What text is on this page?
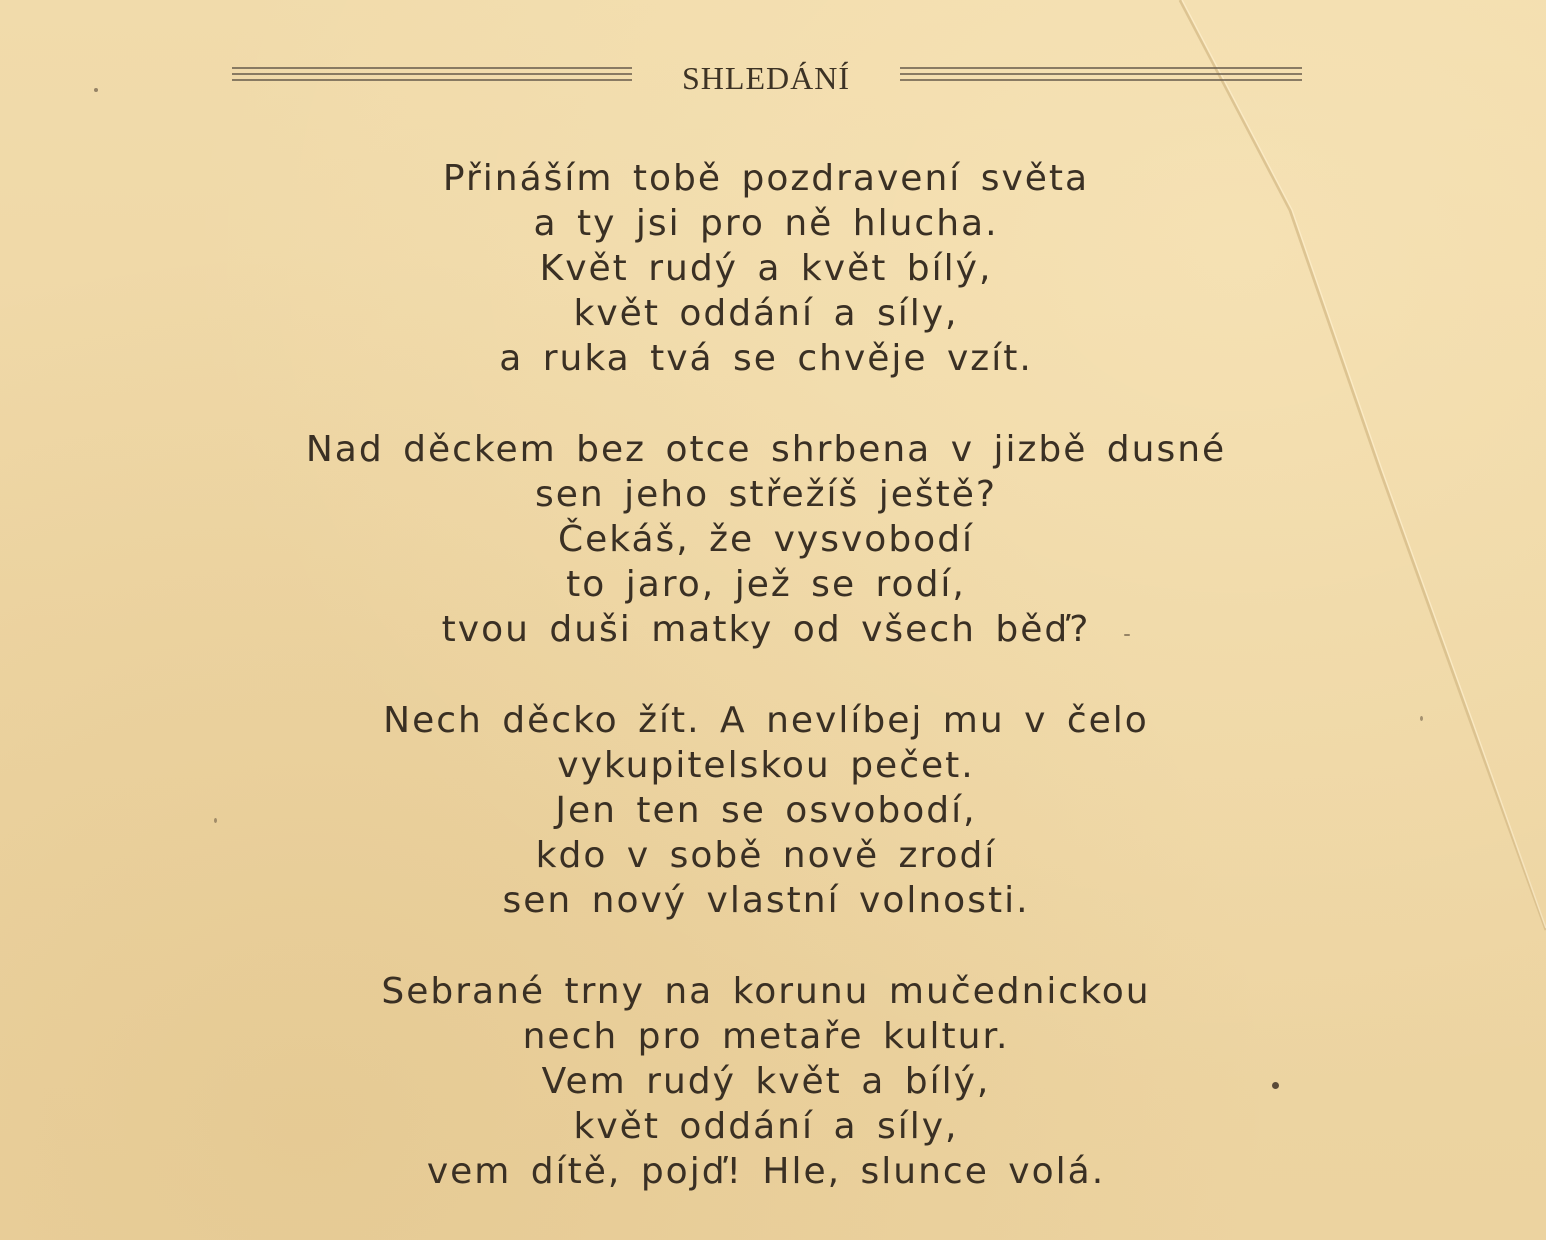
SHLEDÁNÍ
Přináším tobě pozdravení světa
a ty jsi pro ně hlucha.
Květ rudý a květ bílý,
květ oddání a síly,
a ruka tvá se chvěje vzít.
Nad děckem bez otce shrbena v jizbě dusné
sen jeho střežíš ještě?
Čekáš, že vysvobodí
to jaro, jež se rodí,
tvou duši matky od všech běď?
Nech děcko žít. A nevlíbej mu v čelo
vykupitelskou pečet.
Jen ten se osvobodí,
kdo v sobě nově zrodí
sen nový vlastní volnosti.
Sebrané trny na korunu mučednickou
nech pro metaře kultur.
Vem rudý květ a bílý,
květ oddání a síly,
vem dítě, pojď! Hle, slunce volá.
